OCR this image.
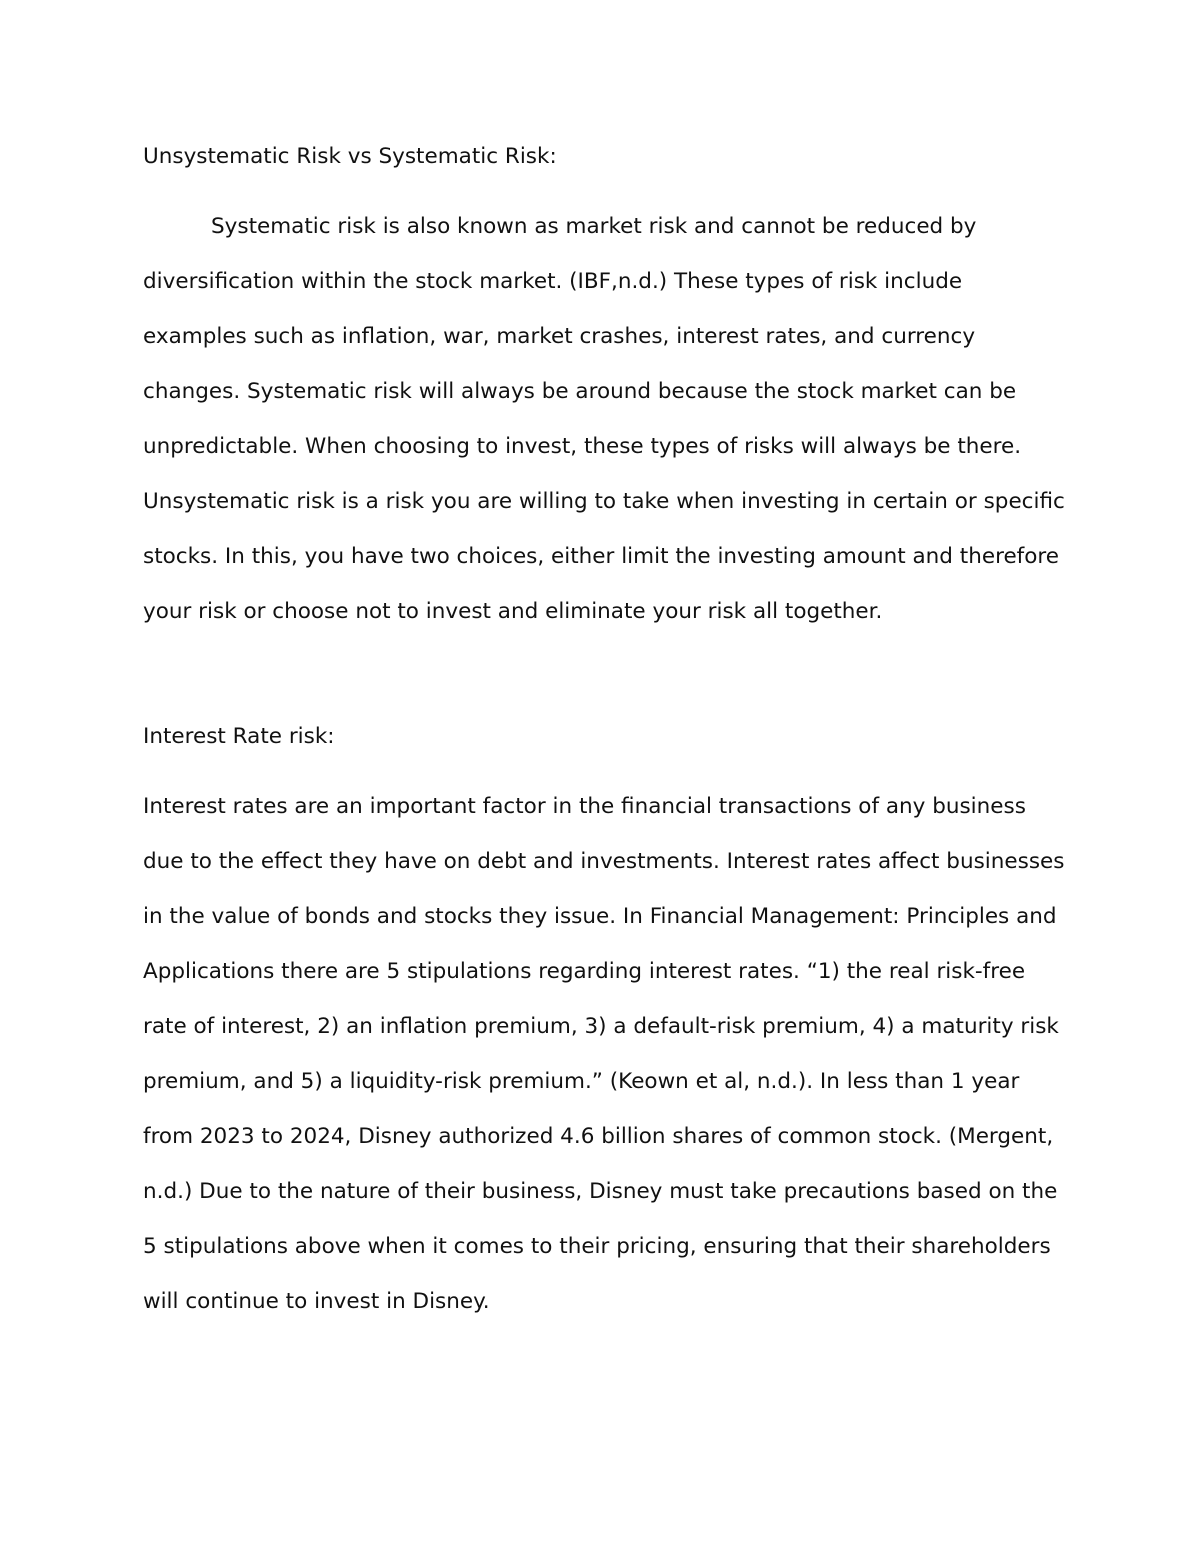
Unsystematic Risk vs Systematic Risk:

Systematic risk is also known as market risk and cannot be reduced by diversification within the stock market. (IBF,n.d.) These types of risk include examples such as inflation, war, market crashes, interest rates, and currency changes. Systematic risk will always be around because the stock market can be unpredictable. When choosing to invest, these types of risks will always be there. Unsystematic risk is a risk you are willing to take when investing in certain or specific stocks. In this, you have two choices, either limit the investing amount and therefore your risk or choose not to invest and eliminate your risk all together.

Interest Rate risk:

Interest rates are an important factor in the financial transactions of any business due to the effect they have on debt and investments. Interest rates affect businesses in the value of bonds and stocks they issue. In Financial Management: Principles and Applications there are 5 stipulations regarding interest rates. “1) the real risk-free rate of interest, 2) an inflation premium, 3) a default-risk premium, 4) a maturity risk premium, and 5) a liquidity-risk premium.” (Keown et al, n.d.). In less than 1 year from 2023 to 2024, Disney authorized 4.6 billion shares of common stock. (Mergent, n.d.) Due to the nature of their business, Disney must take precautions based on the 5 stipulations above when it comes to their pricing, ensuring that their shareholders will continue to invest in Disney.
